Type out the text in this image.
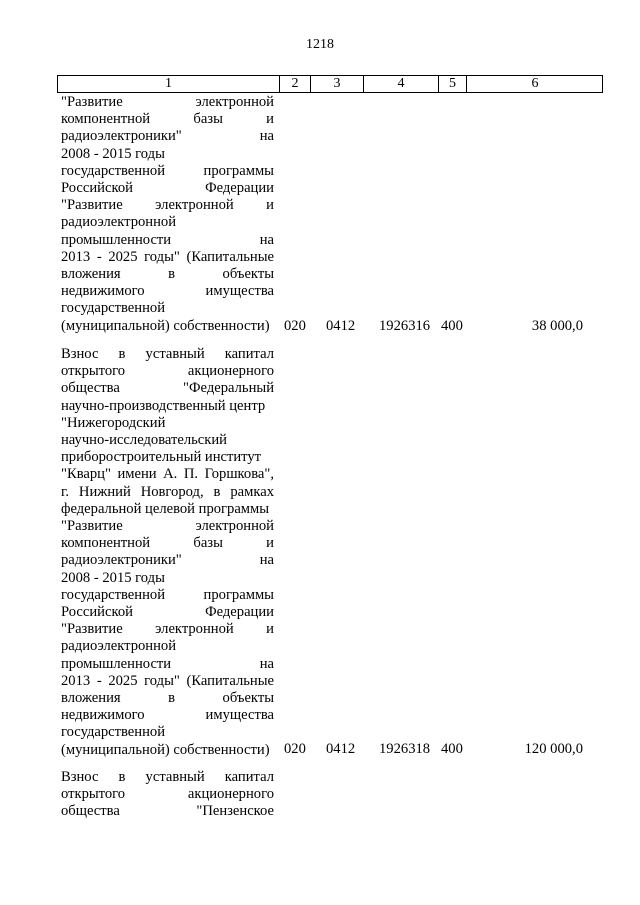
1218
1	2	3	4	5	6
"Развитие электронной
компонентной базы и
радиоэлектроники" на
2008 - 2015 годы
государственной программы
Российской Федерации
"Развитие электронной и
радиоэлектронной
промышленности на
2013 - 2025 годы" (Капитальные
вложения в объекты
недвижимого имущества
государственной
(муниципальной) собственности) 020 0412 1926316 400	38 000,0
Взнос в уставный капитал
открытого акционерного
общества "Федеральный
научно-производственный центр
"Нижегородский
научно-исследовательский
приборостроительный институт
"Кварц" имени А. П. Горшкова",
г. Нижний Новгород, в рамках
федеральной целевой программы
"Развитие электронной
компонентной базы и
радиоэлектроники" на
2008 - 2015 годы
государственной программы
Российской Федерации
"Развитие электронной и
радиоэлектронной
промышленности на
2013 - 2025 годы" (Капитальные
вложения в объекты
недвижимого имущества
государственной
(муниципальной) собственности) 020 0412 1926318 400	120 000,0
Взнос в уставный капитал
открытого акционерного
общества "Пензенское
